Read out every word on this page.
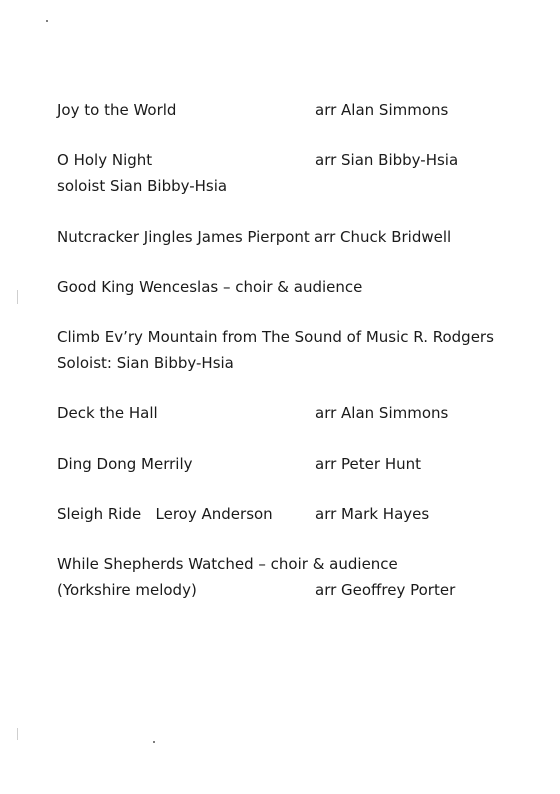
Joy to the World	arr Alan Simmons
O Holy Night	arr Sian Bibby-Hsia
soloist Sian Bibby-Hsia
Nutcracker Jingles James Pierpont arr Chuck Bridwell
Good King Wenceslas – choir & audience
Climb Ev’ry Mountain from The Sound of Music R. Rodgers
Soloist: Sian Bibby-Hsia
Deck the Hall	arr Alan Simmons
Ding Dong Merrily	arr Peter Hunt
Sleigh Ride   Leroy Anderson	arr Mark Hayes
While Shepherds Watched – choir & audience
(Yorkshire melody)	arr Geoffrey Porter
